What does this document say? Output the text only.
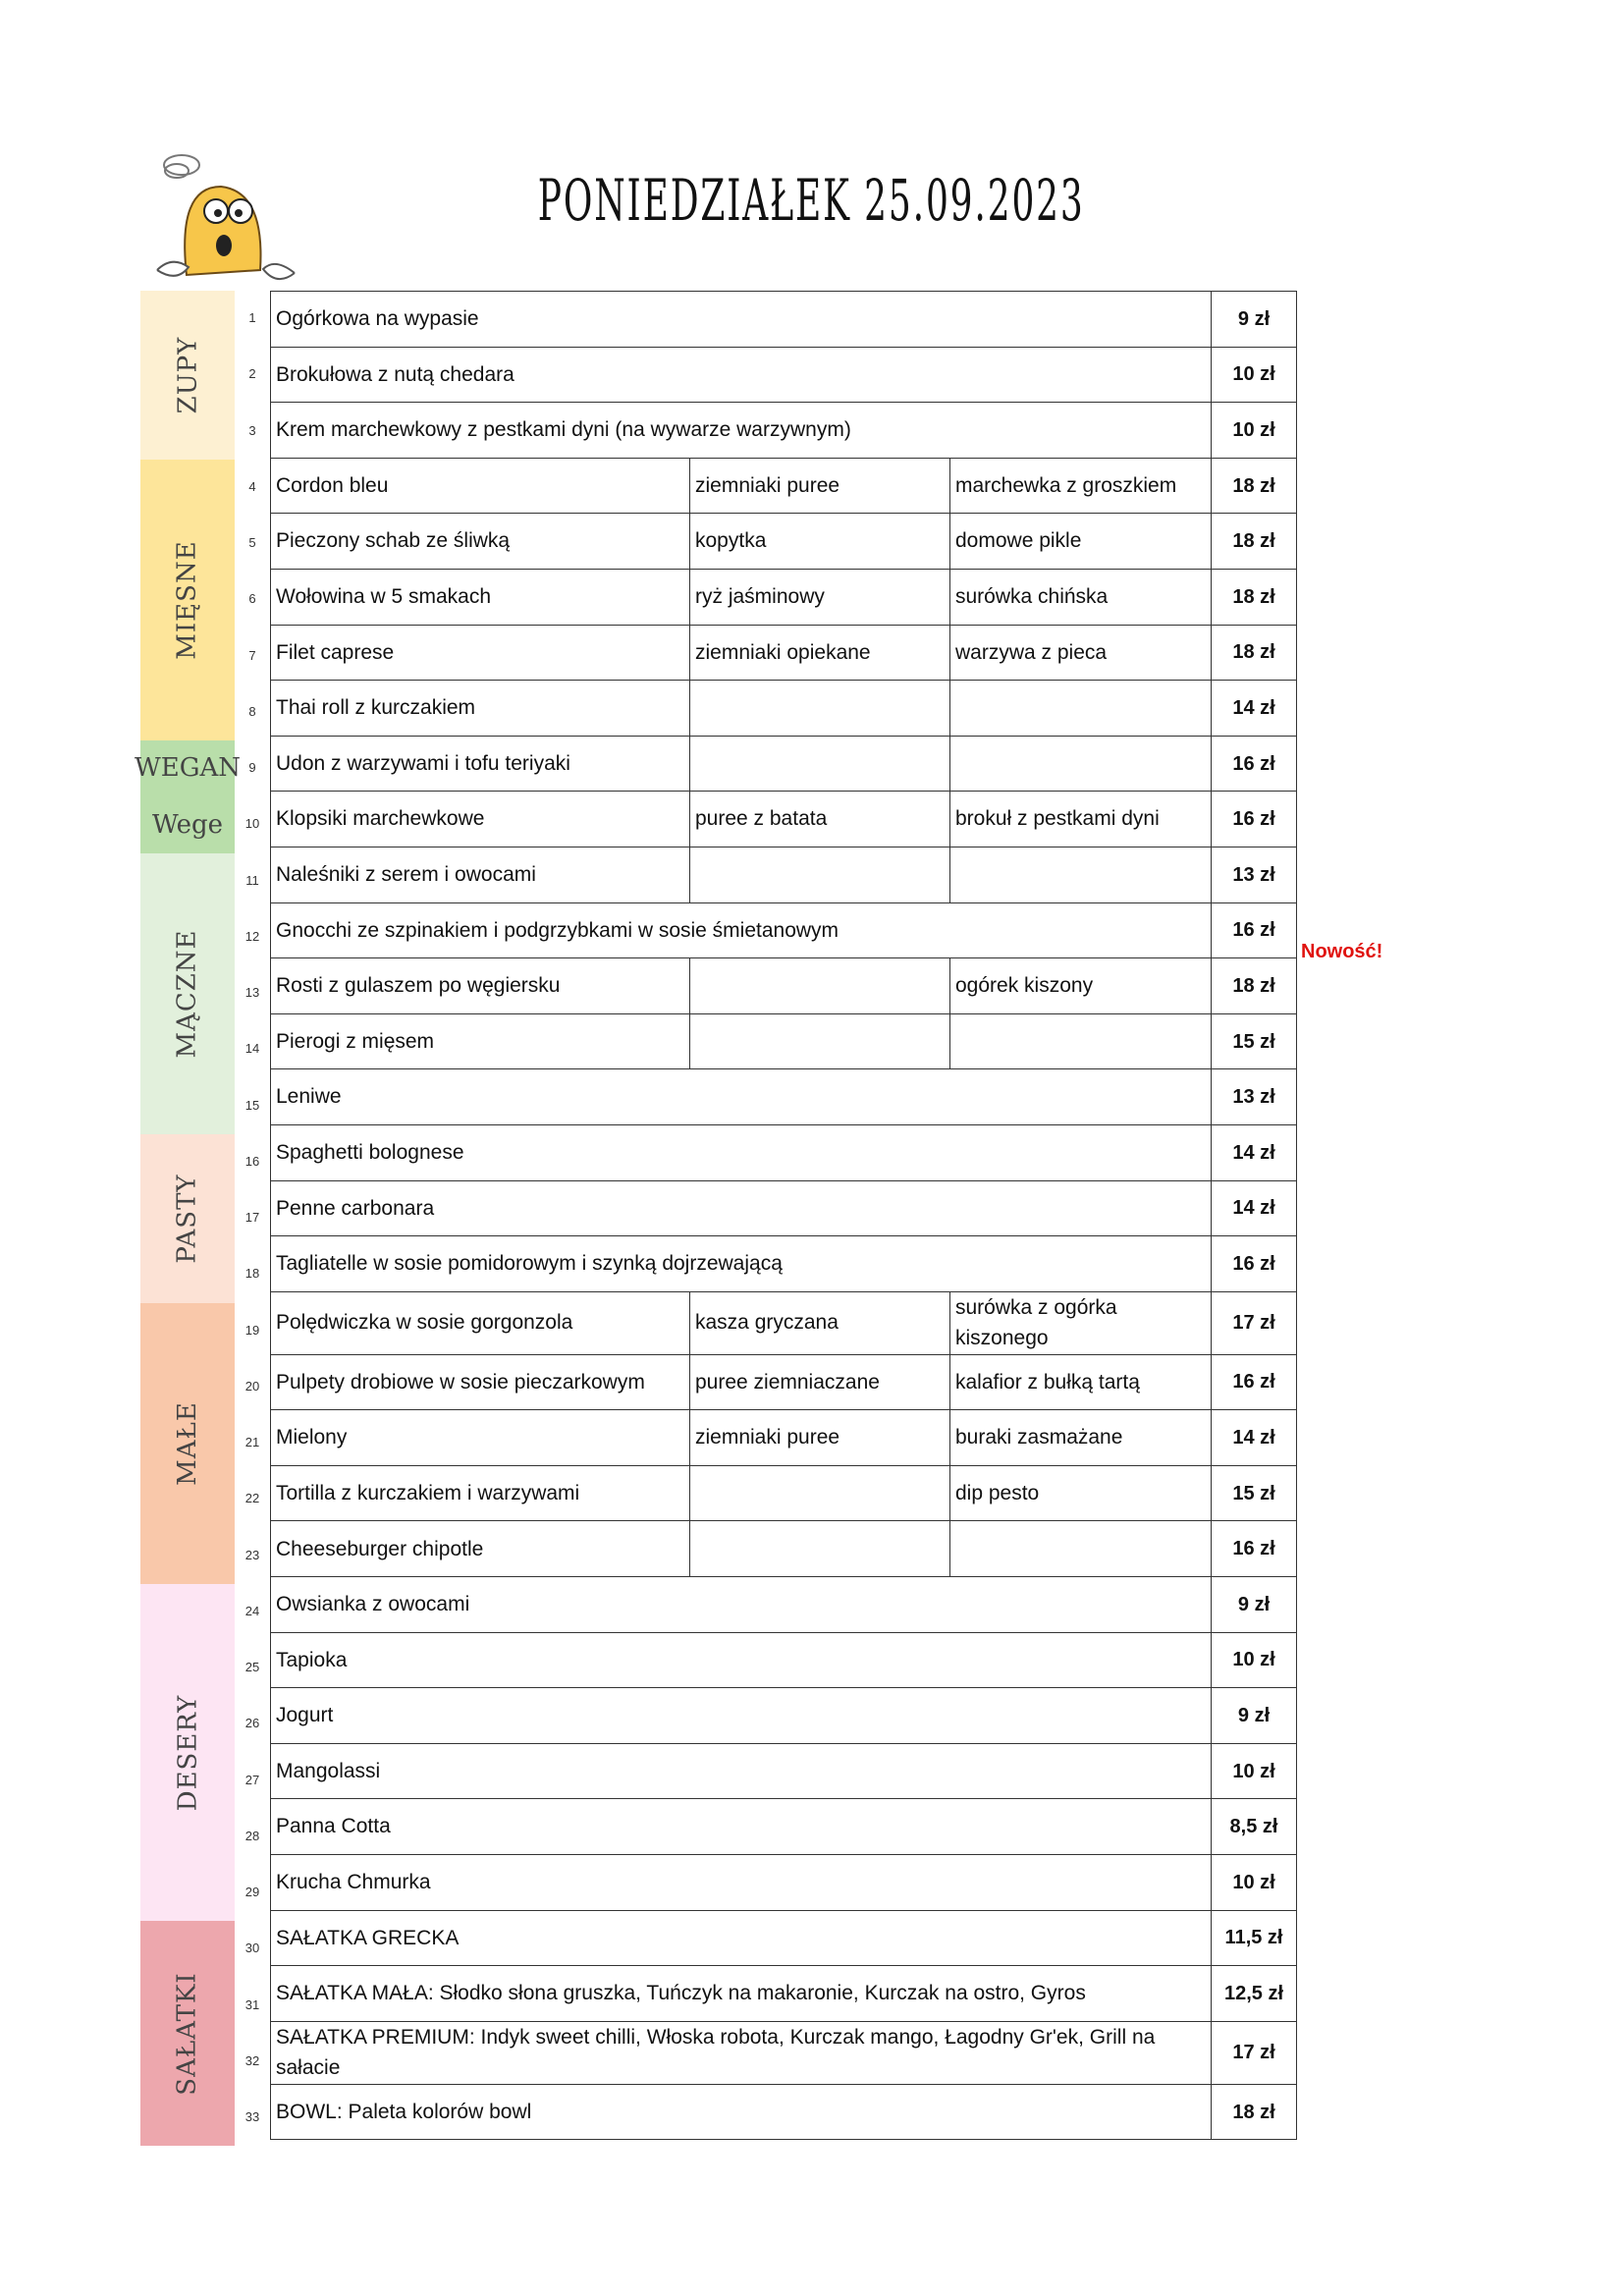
PONIEDZIAŁEK 25.09.2023
ZUPY
MIĘSNE
WEGAN
Wege
MĄCZNE
PASTY
MAŁE
DESERY
SAŁATKI
1
2
3
4
5
6
7
8
9
10
11
12
13
14
15
16
17
18
19
20
21
22
23
24
25
26
27
28
29
30
31
32
33
Ogórkowa na wypasie			9 zł
Brokułowa z nutą chedara			10 zł
Krem marchewkowy z pestkami dyni (na wywarze warzywnym)			10 zł
Cordon bleu	ziemniaki puree	marchewka z groszkiem	18 zł
Pieczony schab ze śliwką	kopytka	domowe pikle	18 zł
Wołowina w 5 smakach	ryż jaśminowy	surówka chińska	18 zł
Filet caprese	ziemniaki opiekane	warzywa z pieca	18 zł
Thai roll z kurczakiem			14 zł
Udon z warzywami i tofu teriyaki			16 zł
Klopsiki marchewkowe	puree z batata	brokuł z pestkami dyni	16 zł
Naleśniki z serem i owocami			13 zł
Gnocchi ze szpinakiem i podgrzybkami w sosie śmietanowym			16 zł
Rosti z gulaszem po węgiersku		ogórek kiszony	18 zł
Pierogi z mięsem			15 zł
Leniwe			13 zł
Spaghetti bolognese			14 zł
Penne carbonara			14 zł
Tagliatelle w sosie pomidorowym i szynką dojrzewającą			16 zł
Polędwiczka w sosie gorgonzola	kasza gryczana	surówka z ogórka kiszonego	17 zł
Pulpety drobiowe w sosie pieczarkowym	puree ziemniaczane	kalafior z bułką tartą	16 zł
Mielony	ziemniaki puree	buraki zasmażane	14 zł
Tortilla z kurczakiem i warzywami		dip pesto	15 zł
Cheeseburger chipotle			16 zł
Owsianka z owocami			9 zł
Tapioka			10 zł
Jogurt			9 zł
Mangolassi			10 zł
Panna Cotta			8,5 zł
Krucha Chmurka			10 zł
SAŁATKA GRECKA			11,5 zł
SAŁATKA MAŁA: Słodko słona gruszka, Tuńczyk na makaronie, Kurczak na ostro, Gyros			12,5 zł
SAŁATKA PREMIUM: Indyk sweet chilli, Włoska robota, Kurczak mango, Łagodny Gr'ek, Grill na sałacie			17 zł
BOWL: Paleta kolorów bowl			18 zł
Nowość!
